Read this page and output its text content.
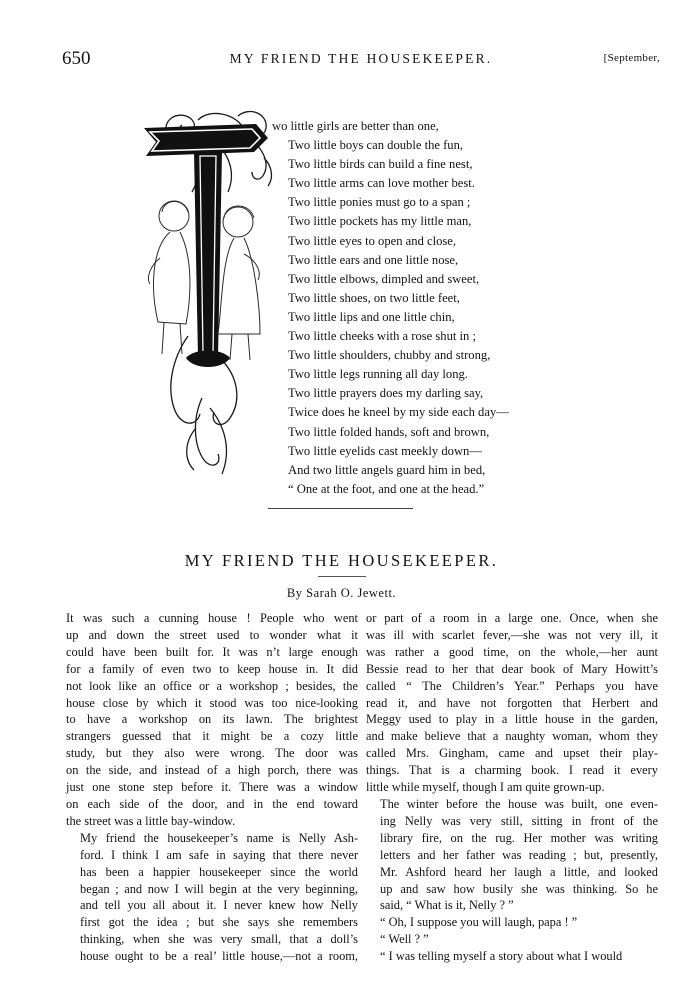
650	MY FRIEND THE HOUSEKEEPER.	[September,
wo little girls are better than one,
Two little boys can double the fun,
Two little birds can build a fine nest,
Two little arms can love mother best.
Two little ponies must go to a span ;
Two little pockets has my little man,
Two little eyes to open and close,
Two little ears and one little nose,
Two little elbows, dimpled and sweet,
Two little shoes, on two little feet,
Two little lips and one little chin,
Two little cheeks with a rose shut in ;
Two little shoulders, chubby and strong,
Two little legs running all day long.
Two little prayers does my darling say,
Twice does he kneel by my side each day—
Two little folded hands, soft and brown,
Two little eyelids cast meekly down—
And two little angels guard him in bed,
“ One at the foot, and one at the head.”
MY FRIEND THE HOUSEKEEPER.
By Sarah O. Jewett.

It was such a cunning house ! People who went
up and down the street used to wonder what it
could have been built for. It was n’t large enough
for a family of even two to keep house in. It did
not look like an office or a workshop ; besides, the
house close by which it stood was too nice-looking
to have a workshop on its lawn. The brightest
strangers guessed that it might be a cozy little
study, but they also were wrong. The door was
on the side, and instead of a high porch, there was
just one stone step before it. There was a window
on each side of the door, and in the end toward
the street was a little bay-window.

My friend the housekeeper’s name is Nelly Ash-
ford. I think I am safe in saying that there never
has been a happier housekeeper since the world
began ; and now I will begin at the very beginning,
and tell you all about it. I never knew how Nelly
first got the idea ; but she says she remembers
thinking, when she was very small, that a doll’s
house ought to be a real’ little house,—not a room,

or part of a room in a large one. Once, when she
was ill with scarlet fever,—she was not very ill, it
was rather a good time, on the whole,—her aunt
Bessie read to her that dear book of Mary Howitt’s
called “ The Children’s Year.” Perhaps you have
read it, and have not forgotten that Herbert and
Meggy used to play in a little house in the garden,
and make believe that a naughty woman, whom they
called Mrs. Gingham, came and upset their play-
things. That is a charming book. I read it every
little while myself, though I am quite grown-up.

The winter before the house was built, one even-
ing Nelly was very still, sitting in front of the
library fire, on the rug. Her mother was writing
letters and her father was reading ; but, presently,
Mr. Ashford heard her laugh a little, and looked
up and saw how busily she was thinking. So he
said, “ What is it, Nelly ? ”

“ Oh, I suppose you will laugh, papa ! ”

“ Well ? ”

“ I was telling myself a story about what I would
